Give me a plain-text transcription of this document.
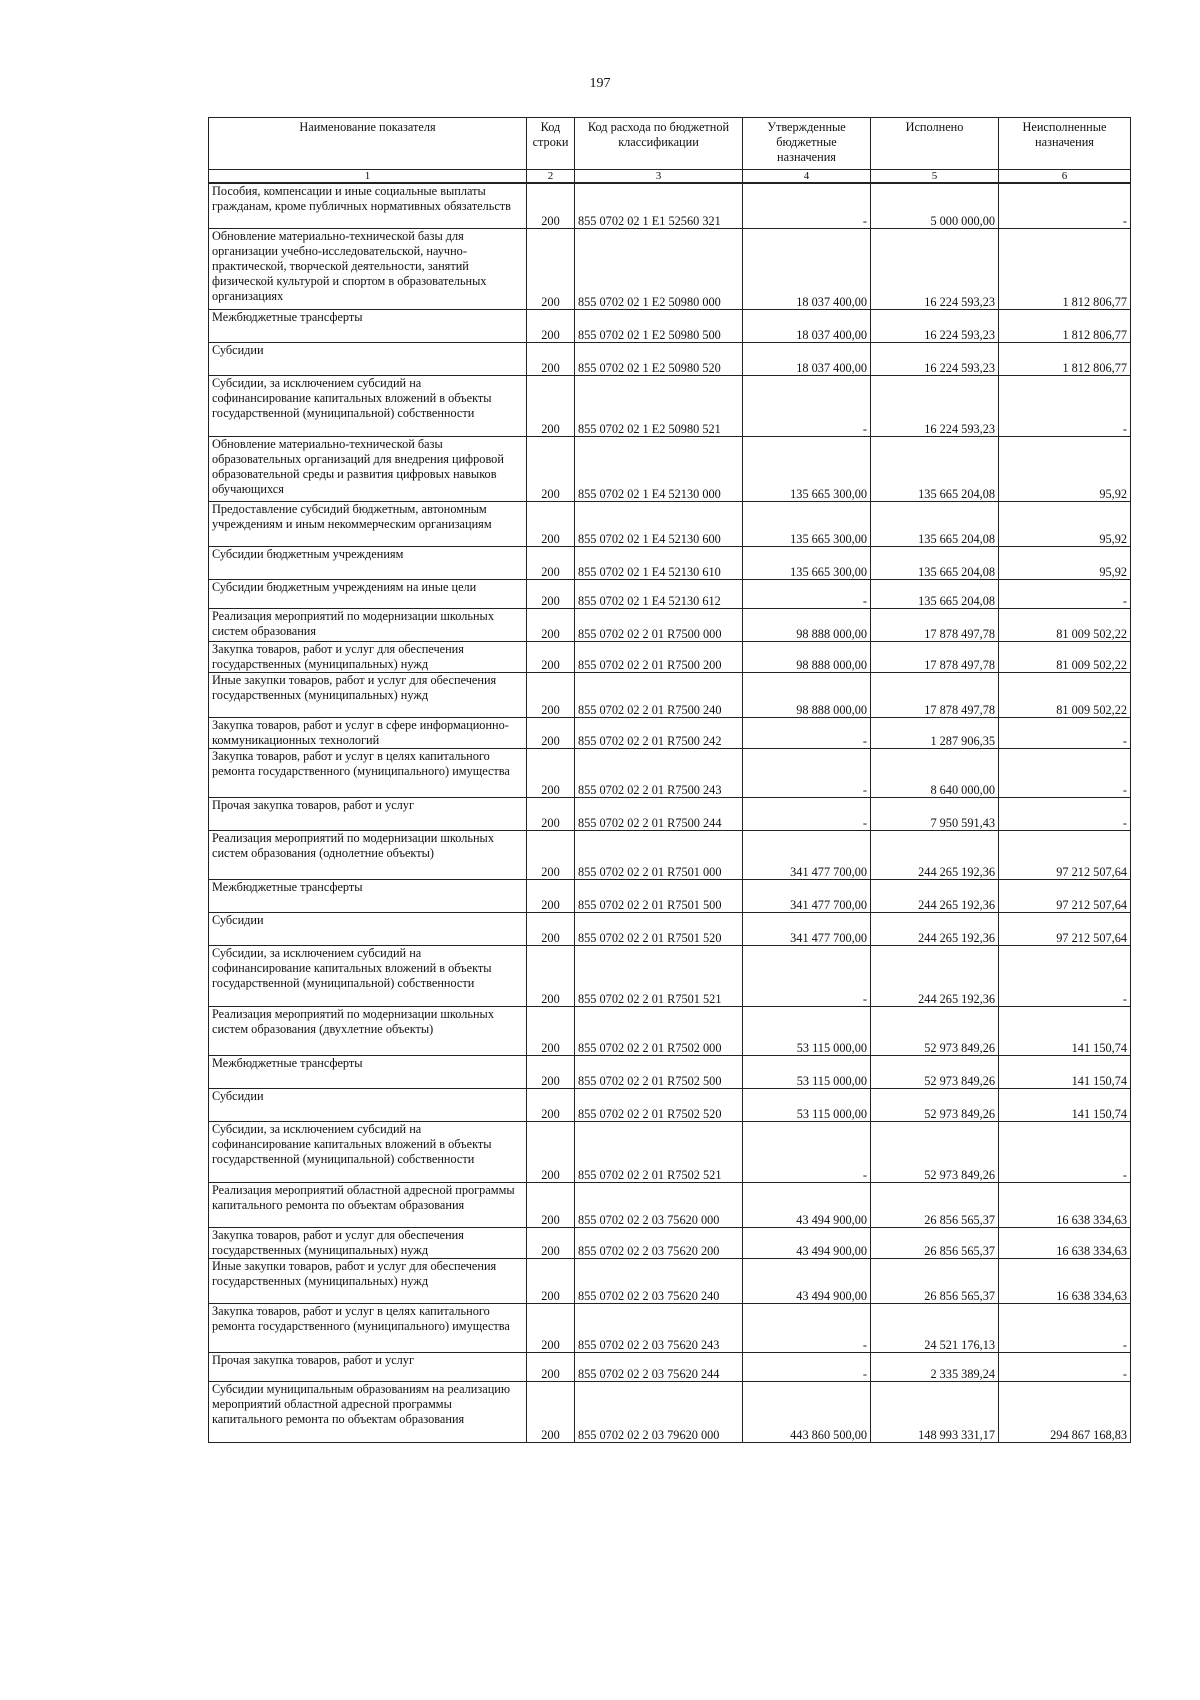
197
Наименование показателя	Код строки	Код расхода по бюджетной классификации	Утвержденные бюджетные назначения	Исполнено	Неисполненные назначения
1	2	3	4	5	6
Пособия, компенсации и иные социальные выплаты гражданам, кроме публичных нормативных обязательств	200	855 0702 02 1 E1 52560 321	-	5 000 000,00	-
Обновление материально-технической базы для организации учебно-исследовательской, научно-практической, творческой деятельности, занятий физической культурой и спортом в образовательных организациях	200	855 0702 02 1 E2 50980 000	18 037 400,00	16 224 593,23	1 812 806,77
Межбюджетные трансферты	200	855 0702 02 1 E2 50980 500	18 037 400,00	16 224 593,23	1 812 806,77
Субсидии	200	855 0702 02 1 E2 50980 520	18 037 400,00	16 224 593,23	1 812 806,77
Субсидии, за исключением субсидий на софинансирование капитальных вложений в объекты государственной (муниципальной) собственности	200	855 0702 02 1 E2 50980 521	-	16 224 593,23	-
Обновление материально-технической базы образовательных организаций для внедрения цифровой образовательной среды и развития цифровых навыков обучающихся	200	855 0702 02 1 E4 52130 000	135 665 300,00	135 665 204,08	95,92
Предоставление субсидий бюджетным, автономным учреждениям и иным некоммерческим организациям	200	855 0702 02 1 E4 52130 600	135 665 300,00	135 665 204,08	95,92
Субсидии бюджетным учреждениям	200	855 0702 02 1 E4 52130 610	135 665 300,00	135 665 204,08	95,92
Субсидии бюджетным учреждениям на иные цели	200	855 0702 02 1 E4 52130 612	-	135 665 204,08	-
Реализация мероприятий по модернизации школьных систем образования	200	855 0702 02 2 01 R7500 000	98 888 000,00	17 878 497,78	81 009 502,22
Закупка товаров, работ и услуг для обеспечения государственных (муниципальных) нужд	200	855 0702 02 2 01 R7500 200	98 888 000,00	17 878 497,78	81 009 502,22
Иные закупки товаров, работ и услуг для обеспечения государственных (муниципальных) нужд	200	855 0702 02 2 01 R7500 240	98 888 000,00	17 878 497,78	81 009 502,22
Закупка товаров, работ и услуг в сфере информационно-коммуникационных технологий	200	855 0702 02 2 01 R7500 242	-	1 287 906,35	-
Закупка товаров, работ и услуг в целях капитального ремонта государственного (муниципального) имущества	200	855 0702 02 2 01 R7500 243	-	8 640 000,00	-
Прочая закупка товаров, работ и услуг	200	855 0702 02 2 01 R7500 244	-	7 950 591,43	-
Реализация мероприятий по модернизации школьных систем образования (однолетние объекты)	200	855 0702 02 2 01 R7501 000	341 477 700,00	244 265 192,36	97 212 507,64
Межбюджетные трансферты	200	855 0702 02 2 01 R7501 500	341 477 700,00	244 265 192,36	97 212 507,64
Субсидии	200	855 0702 02 2 01 R7501 520	341 477 700,00	244 265 192,36	97 212 507,64
Субсидии, за исключением субсидий на софинансирование капитальных вложений в объекты государственной (муниципальной) собственности	200	855 0702 02 2 01 R7501 521	-	244 265 192,36	-
Реализация мероприятий по модернизации школьных систем образования (двухлетние объекты)	200	855 0702 02 2 01 R7502 000	53 115 000,00	52 973 849,26	141 150,74
Межбюджетные трансферты	200	855 0702 02 2 01 R7502 500	53 115 000,00	52 973 849,26	141 150,74
Субсидии	200	855 0702 02 2 01 R7502 520	53 115 000,00	52 973 849,26	141 150,74
Субсидии, за исключением субсидий на софинансирование капитальных вложений в объекты государственной (муниципальной) собственности	200	855 0702 02 2 01 R7502 521	-	52 973 849,26	-
Реализация мероприятий областной адресной программы капитального ремонта по объектам образования	200	855 0702 02 2 03 75620 000	43 494 900,00	26 856 565,37	16 638 334,63
Закупка товаров, работ и услуг для обеспечения государственных (муниципальных) нужд	200	855 0702 02 2 03 75620 200	43 494 900,00	26 856 565,37	16 638 334,63
Иные закупки товаров, работ и услуг для обеспечения государственных (муниципальных) нужд	200	855 0702 02 2 03 75620 240	43 494 900,00	26 856 565,37	16 638 334,63
Закупка товаров, работ и услуг в целях капитального ремонта государственного (муниципального) имущества	200	855 0702 02 2 03 75620 243	-	24 521 176,13	-
Прочая закупка товаров, работ и услуг	200	855 0702 02 2 03 75620 244	-	2 335 389,24	-
Субсидии муниципальным образованиям на реализацию мероприятий областной адресной программы капитального ремонта по объектам образования	200	855 0702 02 2 03 79620 000	443 860 500,00	148 993 331,17	294 867 168,83
